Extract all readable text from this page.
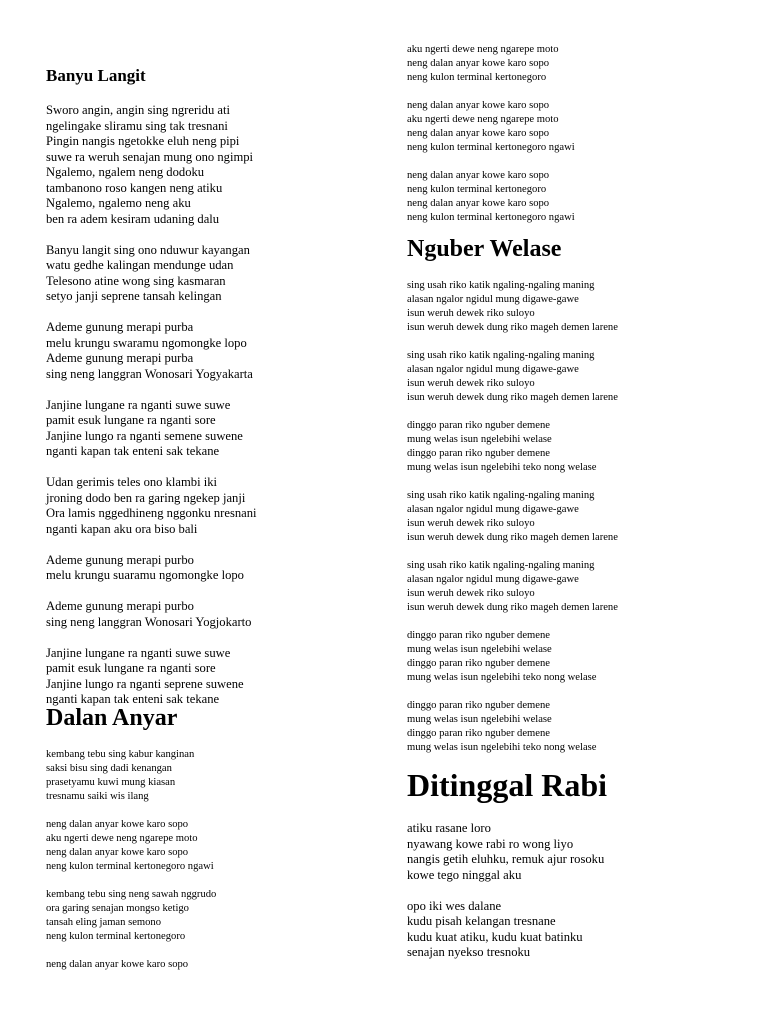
Banyu Langit

Sworo angin, angin sing ngreridu ati
ngelingake sliramu sing tak tresnani
Pingin nangis ngetokke eluh neng pipi
suwe ra weruh senajan mung ono ngimpi
Ngalemo, ngalem neng dodoku
tambanono roso kangen neng atiku
Ngalemo, ngalemo neng aku
ben ra adem kesiram udaning dalu

Banyu langit sing ono nduwur kayangan
watu gedhe kalingan mendunge udan
Telesono atine wong sing kasmaran
setyo janji seprene tansah kelingan

Ademe gunung merapi purba
melu krungu swaramu ngomongke lopo
Ademe gunung merapi purba
sing neng langgran Wonosari Yogyakarta

Janjine lungane ra nganti suwe suwe
pamit esuk lungane ra nganti sore
Janjine lungo ra nganti semene suwene
nganti kapan tak enteni sak tekane

Udan gerimis teles ono klambi iki
jroning dodo ben ra garing ngekep janji
Ora lamis nggedhineng nggonku nresnani
nganti kapan aku ora biso bali

Ademe gunung merapi purbo
melu krungu suaramu ngomongke lopo

Ademe gunung merapi purbo
sing neng langgran Wonosari Yogjokarto

Janjine lungane ra nganti suwe suwe
pamit esuk lungane ra nganti sore
Janjine lungo ra nganti seprene suwene
nganti kapan tak enteni sak tekane

Dalan Anyar

kembang tebu sing kabur kanginan
saksi bisu sing dadi kenangan
prasetyamu kuwi mung kiasan
tresnamu saiki wis ilang

neng dalan anyar kowe karo sopo
aku ngerti dewe neng ngarepe moto
neng dalan anyar kowe karo sopo
neng kulon terminal kertonegoro ngawi

kembang tebu sing neng sawah nggrudo
ora garing senajan mongso ketigo
tansah eling jaman semono
neng kulon terminal kertonegoro

neng dalan anyar kowe karo sopo

aku ngerti dewe neng ngarepe moto
neng dalan anyar kowe karo sopo
neng kulon terminal kertonegoro

neng dalan anyar kowe karo sopo
aku ngerti dewe neng ngarepe moto
neng dalan anyar kowe karo sopo
neng kulon terminal kertonegoro ngawi

neng dalan anyar kowe karo sopo
neng kulon terminal kertonegoro
neng dalan anyar kowe karo sopo
neng kulon terminal kertonegoro ngawi

Nguber Welase

sing usah riko katik ngaling-ngaling maning
alasan ngalor ngidul mung digawe-gawe
isun weruh dewek riko suloyo
isun weruh dewek dung riko mageh demen larene

sing usah riko katik ngaling-ngaling maning
alasan ngalor ngidul mung digawe-gawe
isun weruh dewek riko suloyo
isun weruh dewek dung riko mageh demen larene

dinggo paran riko nguber demene
mung welas isun ngelebihi welase
dinggo paran riko nguber demene
mung welas isun ngelebihi teko nong welase

sing usah riko katik ngaling-ngaling maning
alasan ngalor ngidul mung digawe-gawe
isun weruh dewek riko suloyo
isun weruh dewek dung riko mageh demen larene

sing usah riko katik ngaling-ngaling maning
alasan ngalor ngidul mung digawe-gawe
isun weruh dewek riko suloyo
isun weruh dewek dung riko mageh demen larene

dinggo paran riko nguber demene
mung welas isun ngelebihi welase
dinggo paran riko nguber demene
mung welas isun ngelebihi teko nong welase

dinggo paran riko nguber demene
mung welas isun ngelebihi welase
dinggo paran riko nguber demene
mung welas isun ngelebihi teko nong welase

Ditinggal Rabi

atiku rasane loro
nyawang kowe rabi ro wong liyo
nangis getih eluhku, remuk ajur rosoku
kowe tego ninggal aku

opo iki wes dalane
kudu pisah kelangan tresnane
kudu kuat atiku, kudu kuat batinku
senajan nyekso tresnoku
